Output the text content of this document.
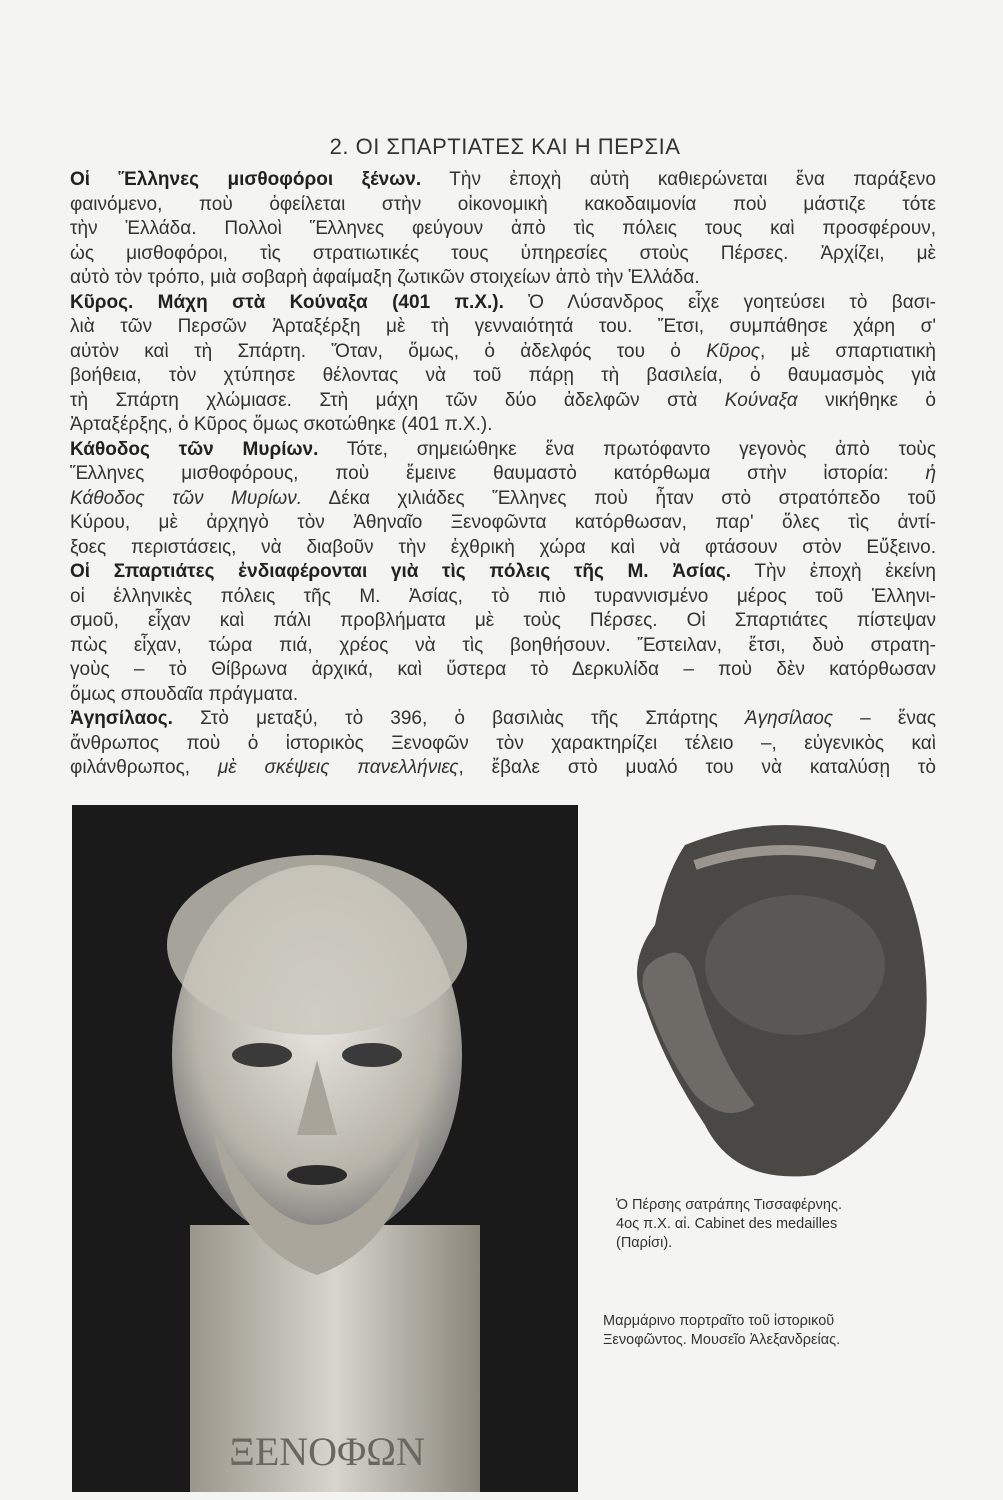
2. ΟΙ ΣΠΑΡΤΙΑΤΕΣ ΚΑΙ Η ΠΕΡΣΙΑ
Οἱ Ἕλληνες μισθοφόροι ξένων. Τὴν ἐποχὴ αὐτὴ καθιερώνεται ἕνα παράξενο
φαινόμενο, ποὺ ὀφείλεται στὴν οἰκονομικὴ κακοδαιμονία ποὺ μάστιζε τότε
τὴν Ἑλλάδα. Πολλοὶ Ἕλληνες φεύγουν ἀπὸ τὶς πόλεις τους καὶ προσφέρουν,
ὡς μισθοφόροι, τὶς στρατιωτικές τους ὑπηρεσίες στοὺς Πέρσες. Ἀρχίζει, μὲ
αὐτὸ τὸν τρόπο, μιὰ σοβαρὴ ἀφαίμαξη ζωτικῶν στοιχείων ἀπὸ τὴν Ἑλλάδα.
Κῦρος. Μάχη στὰ Κούναξα (401 π.Χ.). Ὁ Λύσανδρος εἶχε γοητεύσει τὸ βασι-
λιὰ τῶν Περσῶν Ἀρταξέρξη μὲ τὴ γενναιότητά του. Ἔτσι, συμπάθησε χάρη σ'
αὐτὸν καὶ τὴ Σπάρτη. Ὅταν, ὅμως, ὁ ἀδελφός του ὁ Κῦρος, μὲ σπαρτιατικὴ
βοήθεια, τὸν χτύπησε θέλοντας νὰ τοῦ πάρῃ τὴ βασιλεία, ὁ θαυμασμὸς γιὰ
τὴ Σπάρτη χλώμιασε. Στὴ μάχη τῶν δύο ἀδελφῶν στὰ Κούναξα νικήθηκε ὁ
Ἀρταξέρξης, ὁ Κῦρος ὅμως σκοτώθηκε (401 π.Χ.).
Κάθοδος τῶν Μυρίων. Τότε, σημειώθηκε ἕνα πρωτόφαντο γεγονὸς ἀπὸ τοὺς
Ἕλληνες μισθοφόρους, ποὺ ἔμεινε θαυμαστὸ κατόρθωμα στὴν ἱστορία: ἡ
Κάθοδος τῶν Μυρίων. Δέκα χιλιάδες Ἕλληνες ποὺ ἦταν στὸ στρατόπεδο τοῦ
Κύρου, μὲ ἀρχηγὸ τὸν Ἀθηναῖο Ξενοφῶντα κατόρθωσαν, παρ' ὅλες τὶς ἀντί-
ξοες περιστάσεις, νὰ διαβοῦν τὴν ἐχθρικὴ χώρα καὶ νὰ φτάσουν στὸν Εὔξεινο.
Οἱ Σπαρτιάτες ἐνδιαφέρονται γιὰ τὶς πόλεις τῆς Μ. Ἀσίας. Τὴν ἐποχὴ ἐκείνη
οἱ ἑλληνικὲς πόλεις τῆς Μ. Ἀσίας, τὸ πιὸ τυραννισμένο μέρος τοῦ Ἑλληνι-
σμοῦ, εἶχαν καὶ πάλι προβλήματα μὲ τοὺς Πέρσες. Οἱ Σπαρτιάτες πίστεψαν
πὼς εἶχαν, τώρα πιά, χρέος νὰ τὶς βοηθήσουν. Ἔστειλαν, ἔτσι, δυὸ στρατη-
γοὺς – τὸ Θίβρωνα ἀρχικά, καὶ ὕστερα τὸ Δερκυλίδα – ποὺ δὲν κατόρθωσαν
ὅμως σπουδαῖα πράγματα.
Ἀγησίλαος. Στὸ μεταξύ, τὸ 396, ὁ βασιλιὰς τῆς Σπάρτης Ἀγησίλαος – ἕνας
ἄνθρωπος ποὺ ὁ ἱστορικὸς Ξενοφῶν τὸν χαρακτηρίζει τέλειο –, εὐγενικὸς καὶ
φιλάνθρωπος, μὲ σκέψεις πανελλήνιες, ἔβαλε στὸ μυαλό του νὰ καταλύσῃ τὸ
ΞΕΝΟΦΩΝ
Ὁ Πέρσης σατράπης Τισσαφέρνης.
4ος π.Χ. αἰ. Cabinet des medailles
(Παρίσι).
Μαρμάρινο πορτραῖτο τοῦ ἱστορικοῦ
Ξενοφῶντος. Μουσεῖο Ἀλεξανδρείας.
